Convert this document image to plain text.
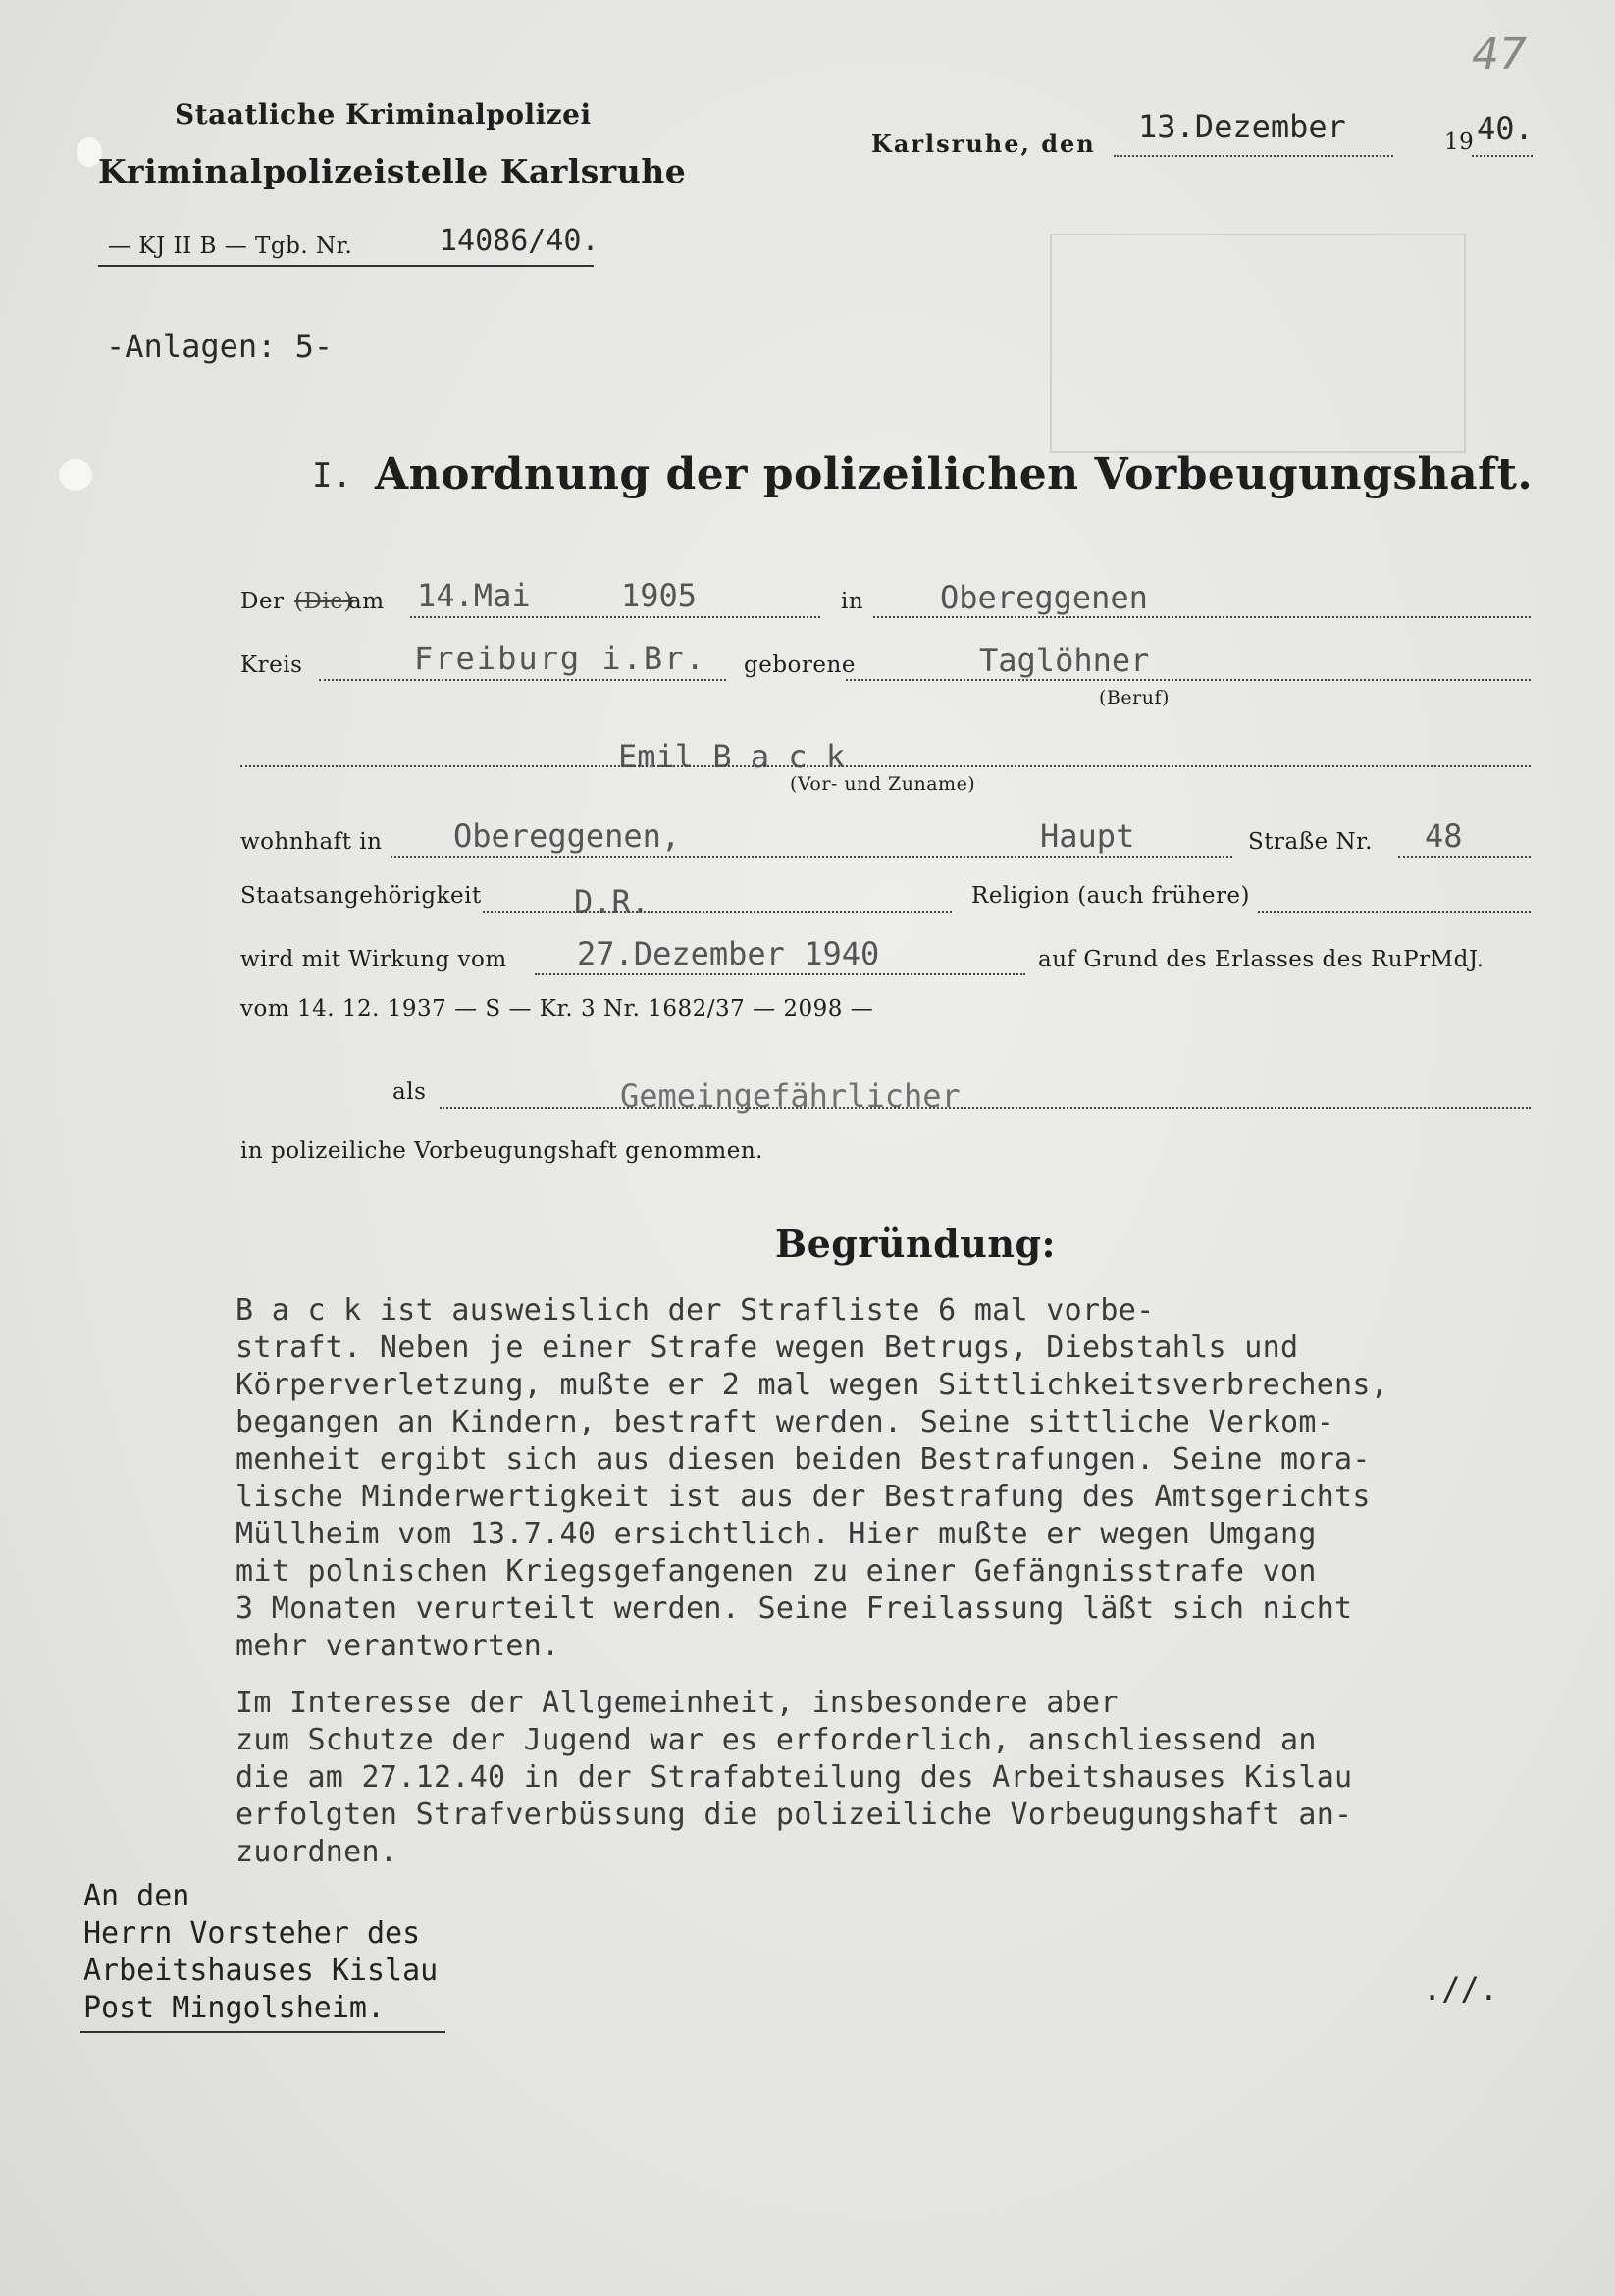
47
Staatliche Kriminalpolizei
Kriminalpolizeistelle Karlsruhe
— KJ II B — Tgb. Nr.	14086/40.
Karlsruhe, den 13.Dezember	19 40.
-Anlagen: 5-
I. Anordnung der polizeilichen Vorbeugungshaft.
Der (Die)
am 14.Mai	1905	in Obereggenen
Kreis	Freiburg i.Br. geborene	Taglöhner
(Beruf)
Emil B a c k
(Vor- und Zuname)
wohnhaft in Obereggenen,	Haupt	Straße Nr. 48
Staatsangehörigkeit	D.R.	Religion (auch frühere)
wird mit Wirkung vom 27.Dezember 1940	auf Grund des Erlasses des RuPrMdJ.
vom 14. 12. 1937 — S — Kr. 3 Nr. 1682/37 — 2098 —
als	Gemeingefährlicher
in polizeiliche Vorbeugungshaft genommen.
Begründung:
B a c k ist ausweislich der Strafliste 6 mal vorbe-
straft. Neben je einer Strafe wegen Betrugs, Diebstahls und
Körperverletzung, mußte er 2 mal wegen Sittlichkeitsverbrechens,
begangen an Kindern, bestraft werden. Seine sittliche Verkom-
menheit ergibt sich aus diesen beiden Bestrafungen. Seine mora-
lische Minderwertigkeit ist aus der Bestrafung des Amtsgerichts
Müllheim vom 13.7.40 ersichtlich. Hier mußte er wegen Umgang
mit polnischen Kriegsgefangenen zu einer Gefängnisstrafe von
3 Monaten verurteilt werden. Seine Freilassung läßt sich nicht
mehr verantworten.
Im Interesse der Allgemeinheit, insbesondere aber
zum Schutze der Jugend war es erforderlich, anschliessend an
die am 27.12.40 in der Strafabteilung des Arbeitshauses Kislau
erfolgten Strafverbüssung die polizeiliche Vorbeugungshaft an-
zuordnen.
An den
Herrn Vorsteher des
Arbeitshauses Kislau
Post Mingolsheim.
.//.
